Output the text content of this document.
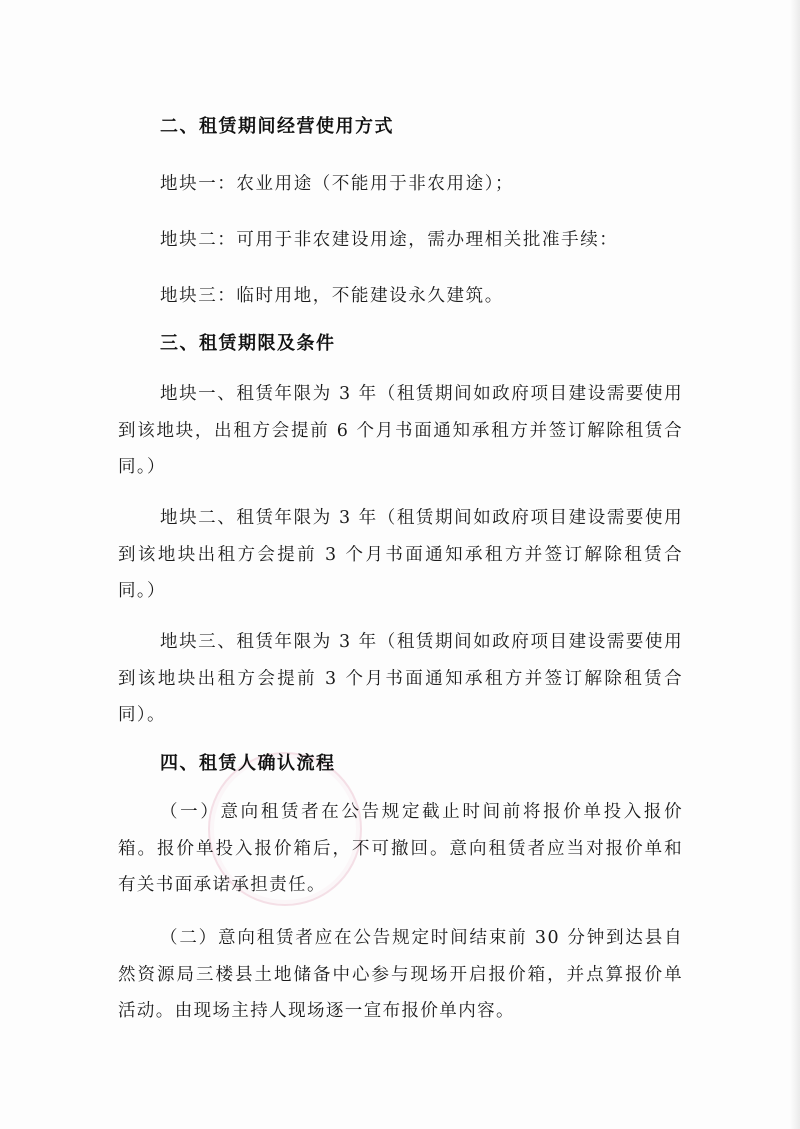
二、租赁期间经营使用方式
地块一：农业用途（不能用于非农用途）；
地块二：可用于非农建设用途，需办理相关批准手续：
地块三：临时用地，不能建设永久建筑。
三、租赁期限及条件
地块一、租赁年限为 3 年（租赁期间如政府项目建设需要使用到该地块，出租方会提前 6 个月书面通知承租方并签订解除租赁合同。）
地块二、租赁年限为 3 年（租赁期间如政府项目建设需要使用到该地块出租方会提前 3 个月书面通知承租方并签订解除租赁合同。）
地块三、租赁年限为 3 年（租赁期间如政府项目建设需要使用到该地块出租方会提前 3 个月书面通知承租方并签订解除租赁合同）。
四、租赁人确认流程
（一）意向租赁者在公告规定截止时间前将报价单投入报价箱。报价单投入报价箱后，不可撤回。意向租赁者应当对报价单和有关书面承诺承担责任。
（二）意向租赁者应在公告规定时间结束前 30 分钟到达县自然资源局三楼县土地储备中心参与现场开启报价箱，并点算报价单活动。由现场主持人现场逐一宣布报价单内容。
